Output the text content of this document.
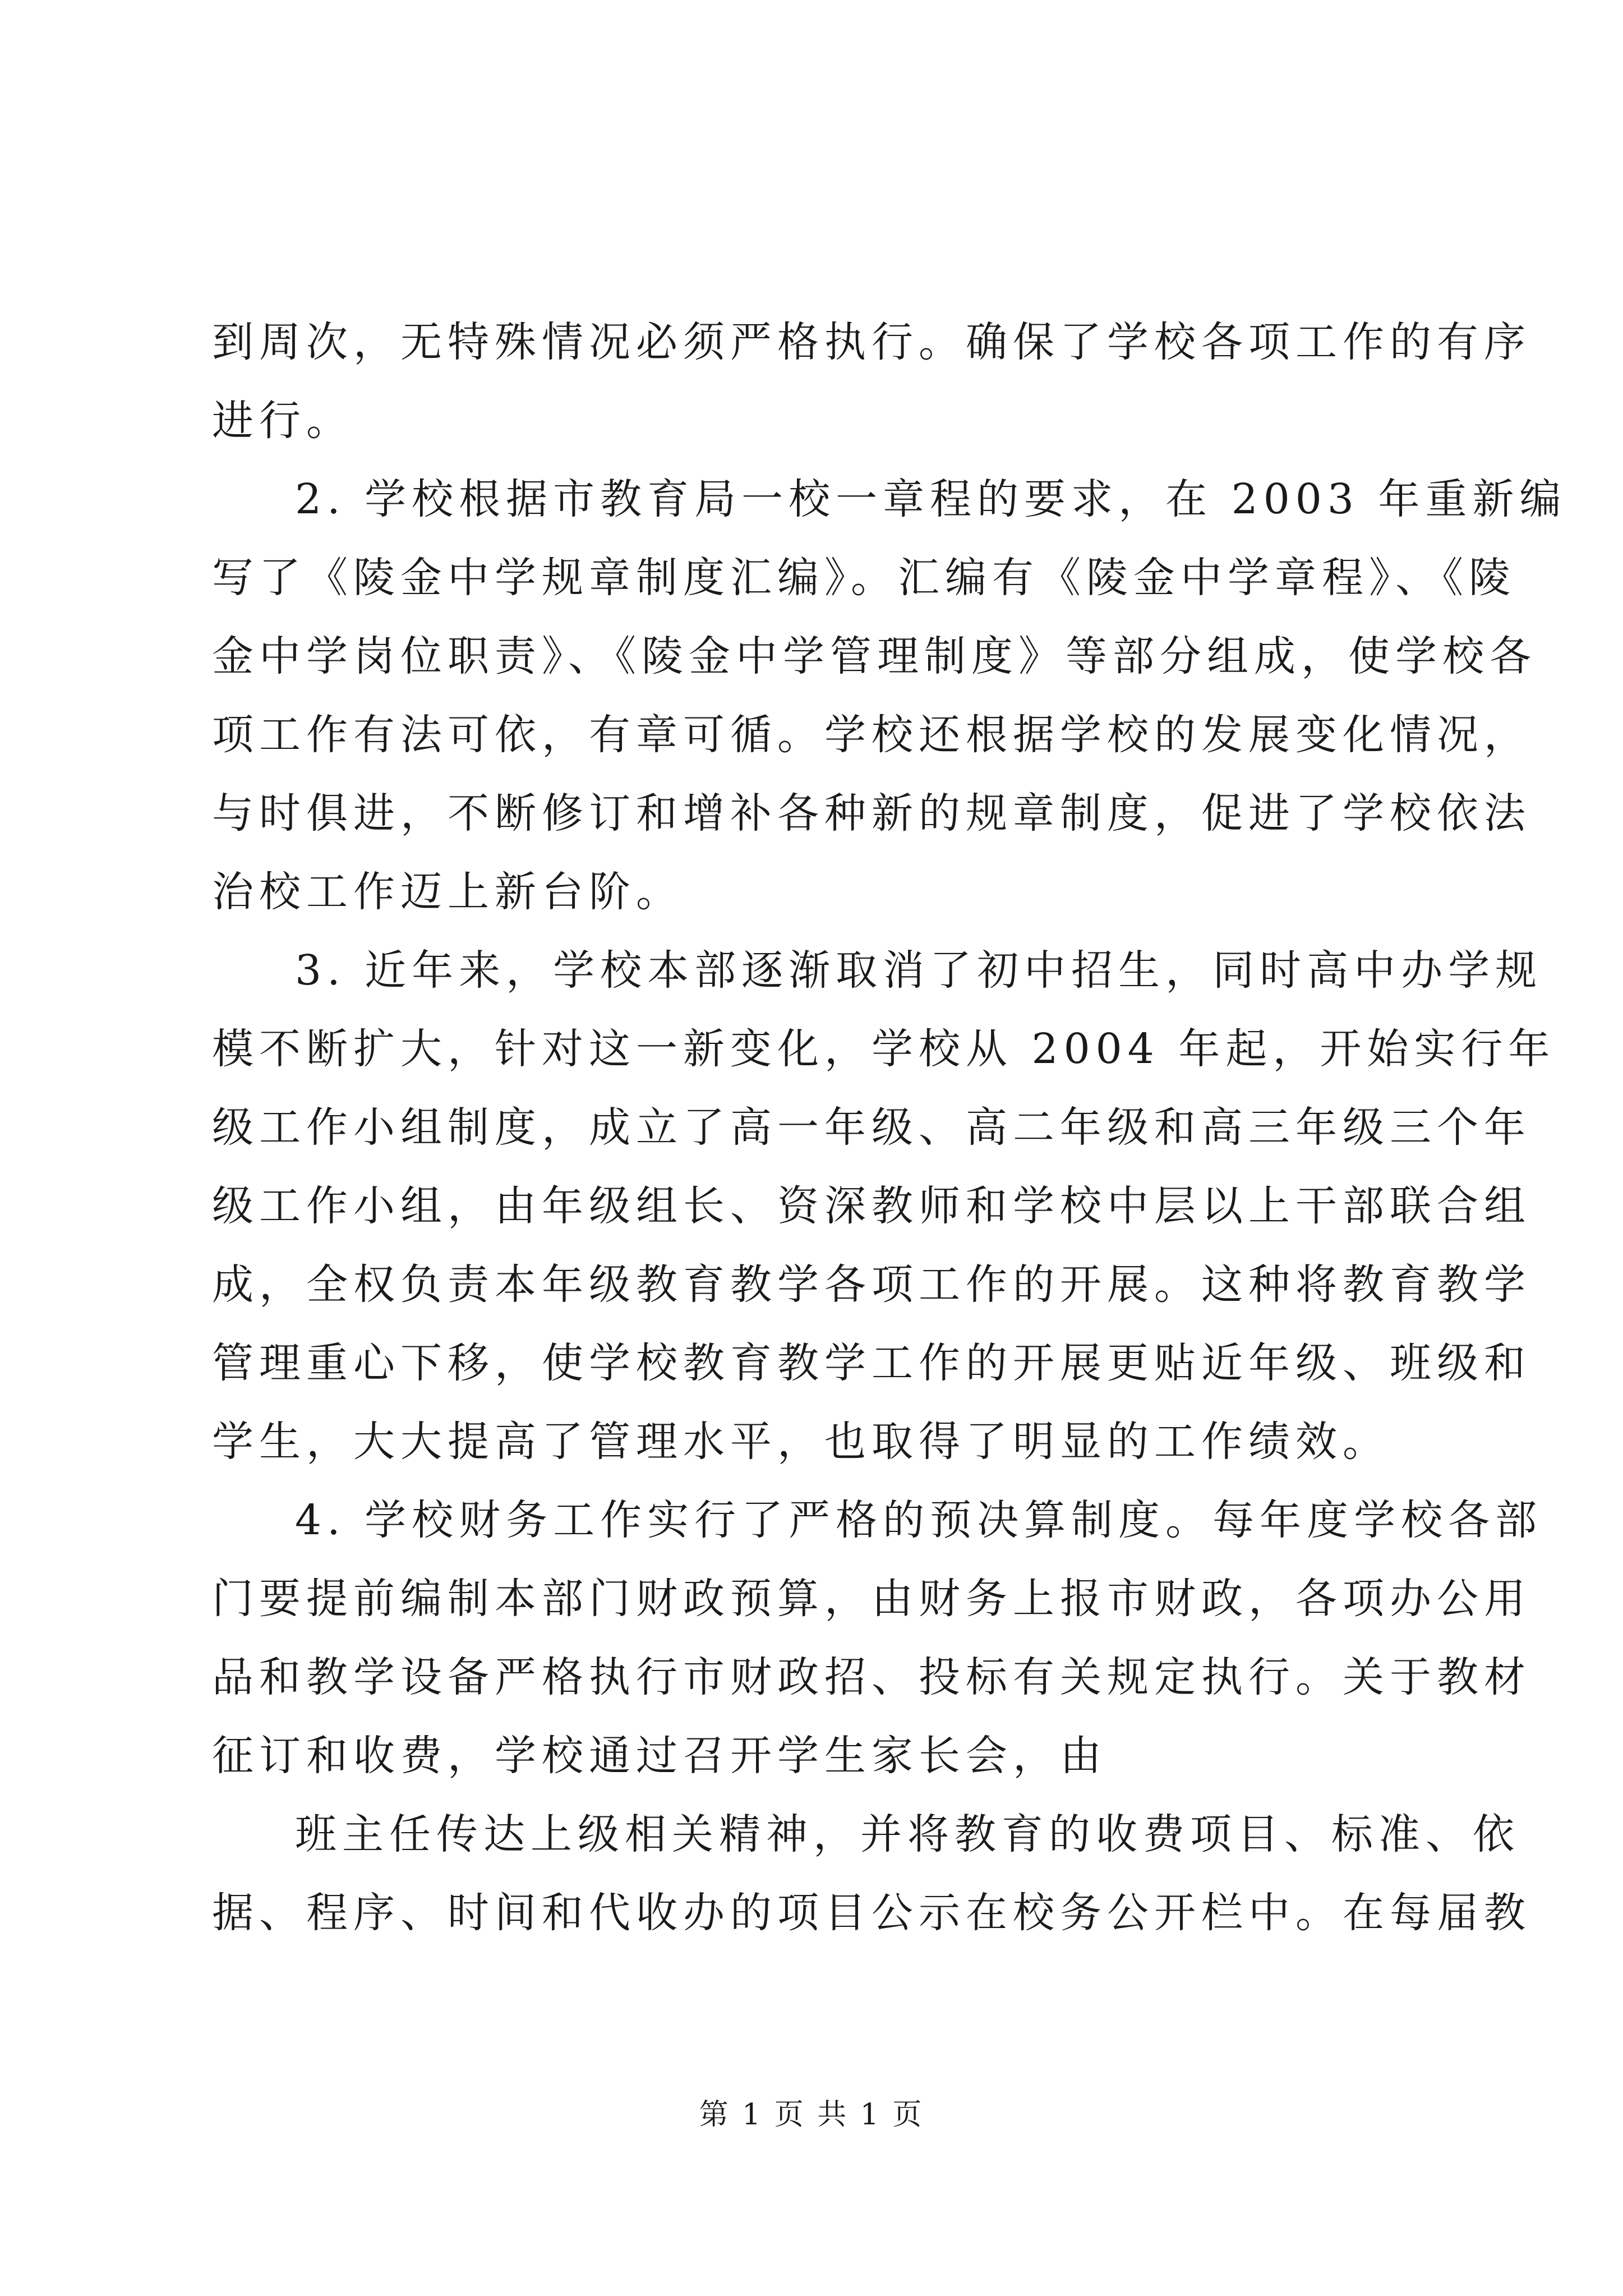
到周次，无特殊情况必须严格执行。确保了学校各项工作的有序
进行。
2. 学校根据市教育局一校一章程的要求，在 2003 年重新编
写了《陵金中学规章制度汇编》。汇编有《陵金中学章程》、《陵
金中学岗位职责》、《陵金中学管理制度》等部分组成，使学校各
项工作有法可依，有章可循。学校还根据学校的发展变化情况，
与时俱进，不断修订和增补各种新的规章制度，促进了学校依法
治校工作迈上新台阶。
3. 近年来，学校本部逐渐取消了初中招生，同时高中办学规
模不断扩大，针对这一新变化，学校从 2004 年起，开始实行年
级工作小组制度，成立了高一年级、高二年级和高三年级三个年
级工作小组，由年级组长、资深教师和学校中层以上干部联合组
成，全权负责本年级教育教学各项工作的开展。这种将教育教学
管理重心下移，使学校教育教学工作的开展更贴近年级、班级和
学生，大大提高了管理水平，也取得了明显的工作绩效。
4. 学校财务工作实行了严格的预决算制度。每年度学校各部
门要提前编制本部门财政预算，由财务上报市财政，各项办公用
品和教学设备严格执行市财政招、投标有关规定执行。关于教材
征订和收费，学校通过召开学生家长会，由
班主任传达上级相关精神，并将教育的收费项目、标准、依
据、程序、时间和代收办的项目公示在校务公开栏中。在每届教
第 1 页 共 1 页
